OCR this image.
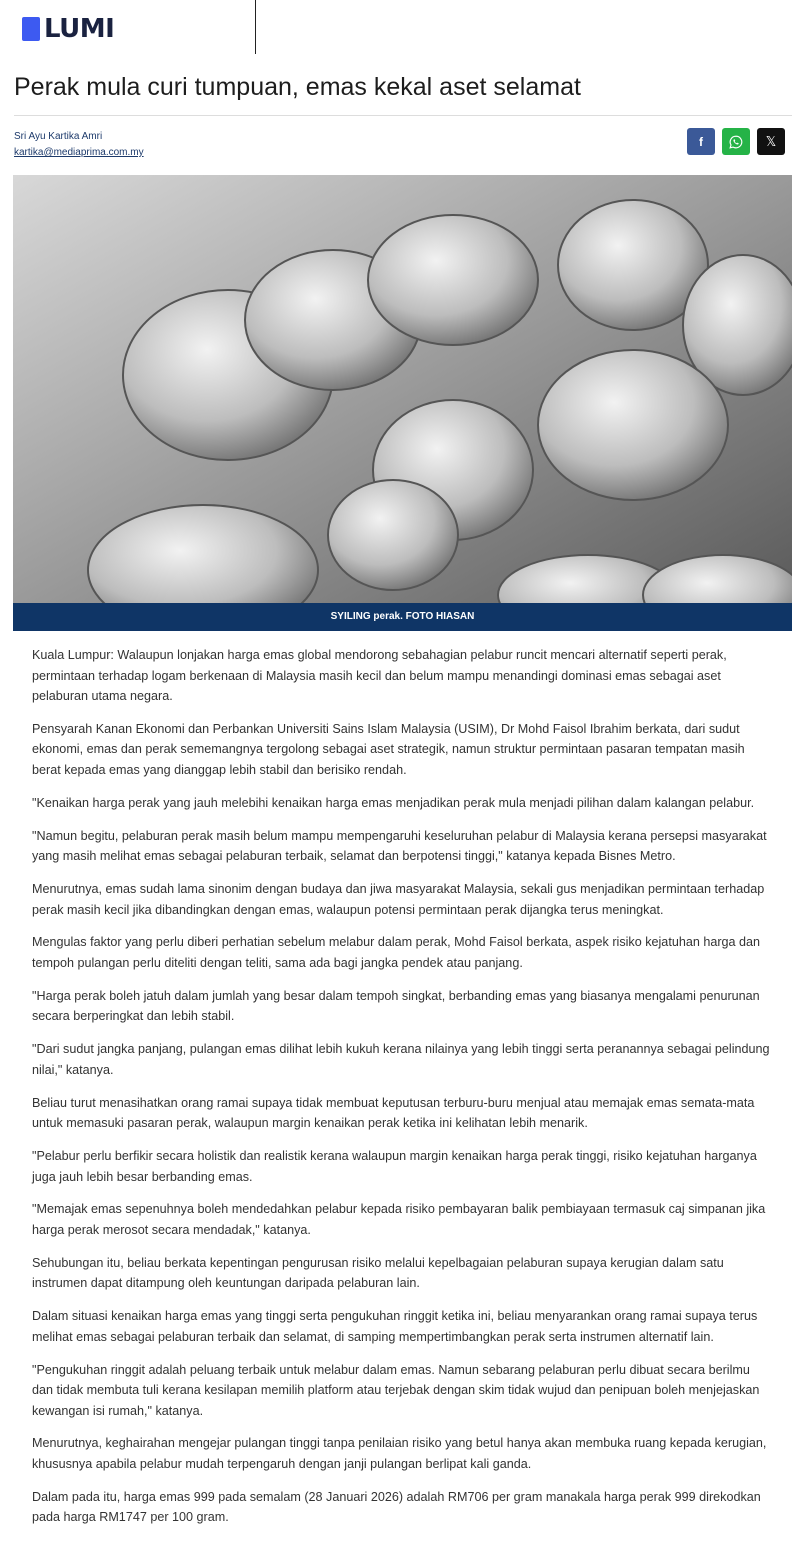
LUMI
Perak mula curi tumpuan, emas kekal aset selamat
Sri Ayu Kartika Amri
kartika@mediaprima.com.my
f	𝕏
SYILING perak. FOTO HIASAN

Kuala Lumpur: Walaupun lonjakan harga emas global mendorong sebahagian pelabur runcit mencari alternatif seperti perak, permintaan terhadap logam berkenaan di Malaysia masih kecil dan belum mampu menandingi dominasi emas sebagai aset pelaburan utama negara.

Pensyarah Kanan Ekonomi dan Perbankan Universiti Sains Islam Malaysia (USIM), Dr Mohd Faisol Ibrahim berkata, dari sudut ekonomi, emas dan perak sememangnya tergolong sebagai aset strategik, namun struktur permintaan pasaran tempatan masih berat kepada emas yang dianggap lebih stabil dan berisiko rendah.

"Kenaikan harga perak yang jauh melebihi kenaikan harga emas menjadikan perak mula menjadi pilihan dalam kalangan pelabur.

"Namun begitu, pelaburan perak masih belum mampu mempengaruhi keseluruhan pelabur di Malaysia kerana persepsi masyarakat yang masih melihat emas sebagai pelaburan terbaik, selamat dan berpotensi tinggi," katanya kepada Bisnes Metro.

Menurutnya, emas sudah lama sinonim dengan budaya dan jiwa masyarakat Malaysia, sekali gus menjadikan permintaan terhadap perak masih kecil jika dibandingkan dengan emas, walaupun potensi permintaan perak dijangka terus meningkat.

Mengulas faktor yang perlu diberi perhatian sebelum melabur dalam perak, Mohd Faisol berkata, aspek risiko kejatuhan harga dan tempoh pulangan perlu diteliti dengan teliti, sama ada bagi jangka pendek atau panjang.

"Harga perak boleh jatuh dalam jumlah yang besar dalam tempoh singkat, berbanding emas yang biasanya mengalami penurunan secara berperingkat dan lebih stabil.

"Dari sudut jangka panjang, pulangan emas dilihat lebih kukuh kerana nilainya yang lebih tinggi serta peranannya sebagai pelindung nilai," katanya.

Beliau turut menasihatkan orang ramai supaya tidak membuat keputusan terburu-buru menjual atau memajak emas semata-mata untuk memasuki pasaran perak, walaupun margin kenaikan perak ketika ini kelihatan lebih menarik.

"Pelabur perlu berfikir secara holistik dan realistik kerana walaupun margin kenaikan harga perak tinggi, risiko kejatuhan harganya juga jauh lebih besar berbanding emas.

"Memajak emas sepenuhnya boleh mendedahkan pelabur kepada risiko pembayaran balik pembiayaan termasuk caj simpanan jika harga perak merosot secara mendadak," katanya.

Sehubungan itu, beliau berkata kepentingan pengurusan risiko melalui kepelbagaian pelaburan supaya kerugian dalam satu instrumen dapat ditampung oleh keuntungan daripada pelaburan lain.

Dalam situasi kenaikan harga emas yang tinggi serta pengukuhan ringgit ketika ini, beliau menyarankan orang ramai supaya terus melihat emas sebagai pelaburan terbaik dan selamat, di samping mempertimbangkan perak serta instrumen alternatif lain.

"Pengukuhan ringgit adalah peluang terbaik untuk melabur dalam emas. Namun sebarang pelaburan perlu dibuat secara berilmu dan tidak membuta tuli kerana kesilapan memilih platform atau terjebak dengan skim tidak wujud dan penipuan boleh menjejaskan kewangan isi rumah," katanya.

Menurutnya, keghairahan mengejar pulangan tinggi tanpa penilaian risiko yang betul hanya akan membuka ruang kepada kerugian, khususnya apabila pelabur mudah terpengaruh dengan janji pulangan berlipat kali ganda.

Dalam pada itu, harga emas 999 pada semalam (28 Januari 2026) adalah RM706 per gram manakala harga perak 999 direkodkan pada harga RM1747 per 100 gram.
